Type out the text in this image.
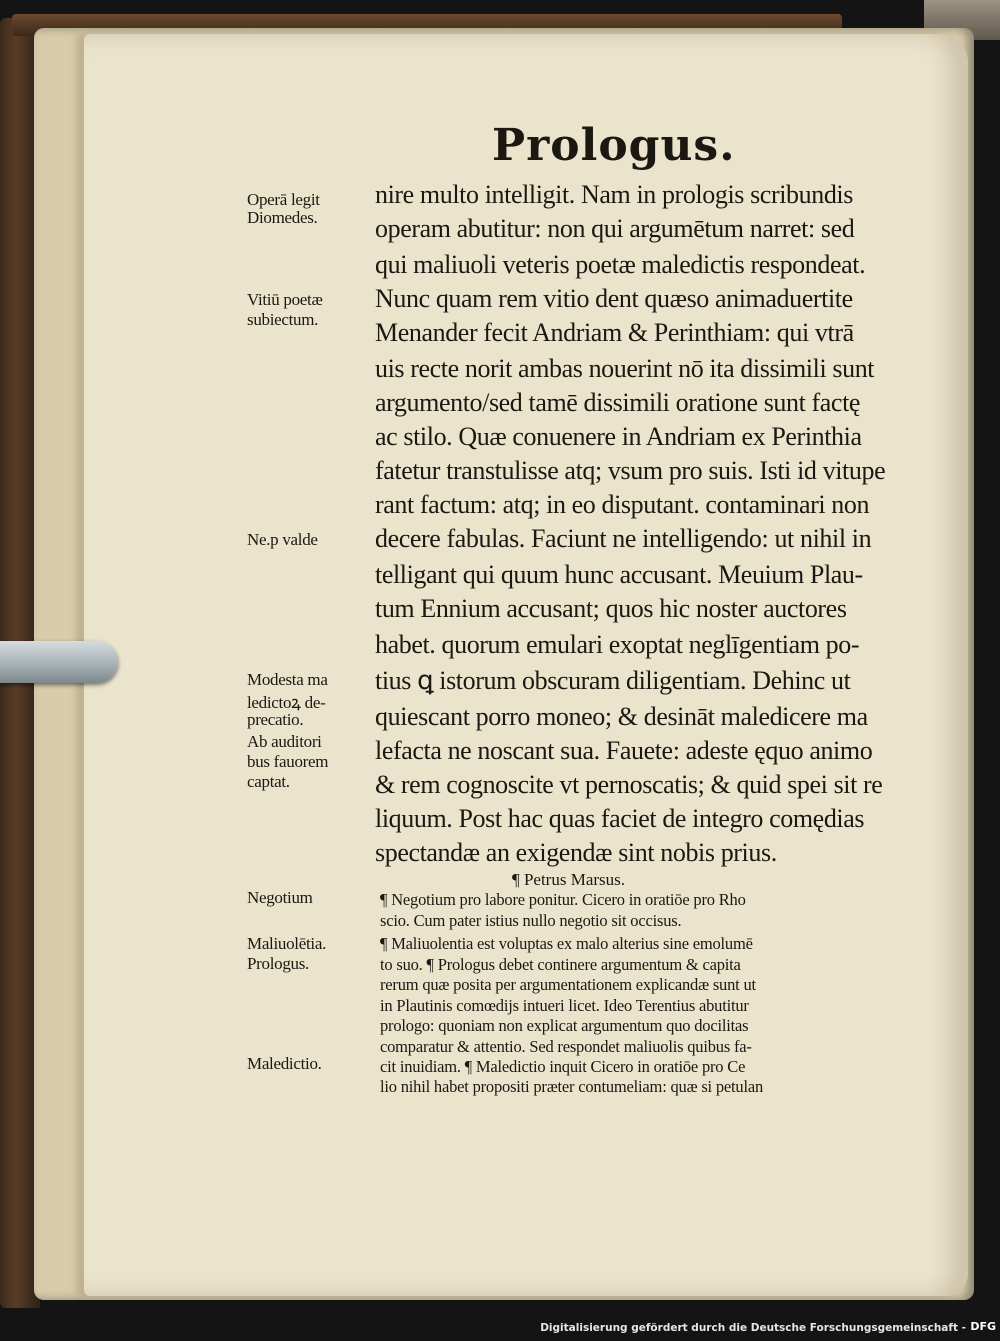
Prologus.
nire multo intelligit. Nam in prologis scribundis
operam abutitur: non qui argumētum narret: sed
qui maliuoli veteris poetæ maledictis respondeat.
Nunc quam rem vitio dent quæso animaduertite
Menander fecit Andriam & Perinthiam: qui vtrā
uis recte norit ambas nouerint nō ita dissimili sunt
argumento/sed tamē dissimili oratione sunt factę
ac stilo. Quæ conuenere in Andriam ex Perinthia
fatetur transtulisse atq; vsum pro suis. Isti id vitupe
rant factum: atq; in eo disputant. contaminari non
decere fabulas. Faciunt ne intelligendo: ut nihil in
telligant qui quum hunc accusant. Meuium Plau-
tum Ennium accusant; quos hic noster auctores
habet. quorum emulari exoptat neglīgentiam po-
tius ꝗ istorum obscuram diligentiam. Dehinc ut
quiescant porro moneo; & desināt maledicere ma
lefacta ne noscant sua. Fauete: adeste ęquo animo
& rem cognoscite vt pernoscatis; & quid spei sit re
liquum. Post hac quas faciet de integro comędias
spectandæ an exigendæ sint nobis prius.
¶ Petrus Marsus.
¶ Negotium pro labore ponitur. Cicero in oratiōe pro Rho
scio. Cum pater istius nullo negotio sit occisus.
¶ Maliuolentia est voluptas ex malo alterius sine emolumē
to suo. ¶ Prologus debet continere argumentum & capita
rerum quæ posita per argumentationem explicandæ sunt ut
in Plautinis comœdijs intueri licet. Ideo Terentius abutitur
prologo: quoniam non explicat argumentum quo docilitas
comparatur & attentio. Sed respondet maliuolis quibus fa-
cit inuidiam. ¶ Maledictio inquit Cicero in oratiōe pro Ce
lio nihil habet propositi præter contumeliam: quæ si petulan
Operā legit
Diomedes.
Vitiū poetæ
subiectum.
Ne.p valde
Modesta ma
ledictoꝝ de-
precatio.
Ab auditori
bus fauorem
captat.
Negotium
Maliuolētia.
Prologus.
Maledictio.
Digitalisierung gefördert durch die Deutsche Forschungsgemeinschaft - DFG
